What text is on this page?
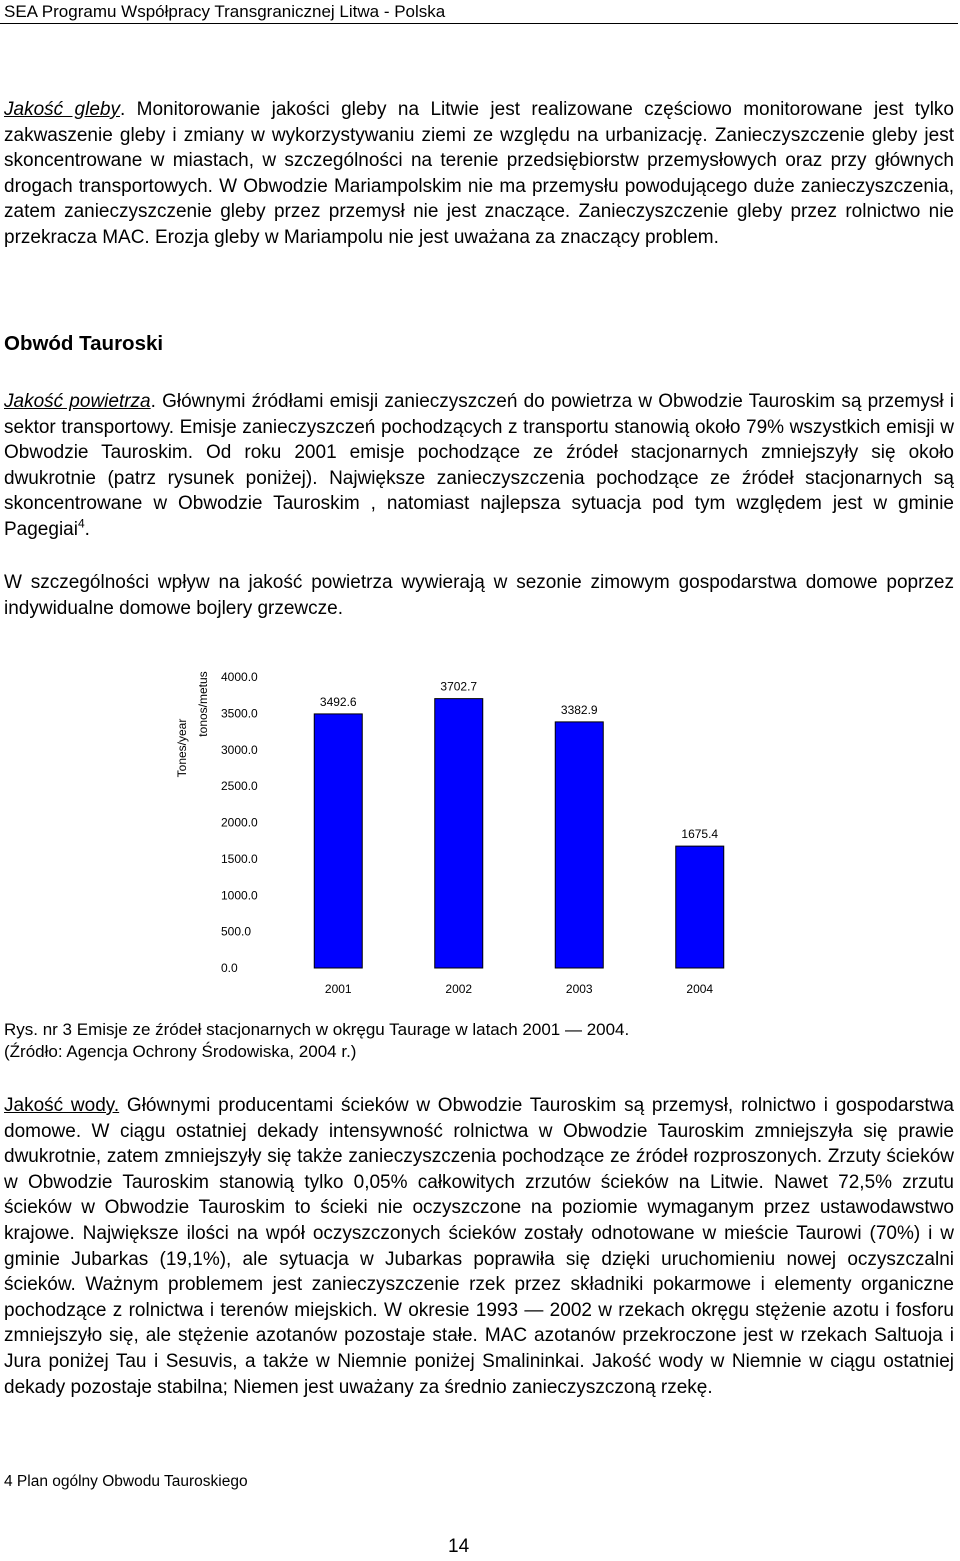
SEA Programu Współpracy Transgranicznej Litwa - Polska

Jakość gleby. Monitorowanie jakości gleby na Litwie jest realizowane częściowo monitorowane jest tylko zakwaszenie gleby i zmiany w wykorzystywaniu ziemi ze względu na urbanizację. Zanieczyszczenie gleby jest skoncentrowane w miastach, w szczególności na terenie przedsiębiorstw przemysłowych oraz przy głównych drogach transportowych. W Obwodzie Mariampolskim nie ma przemysłu powodującego duże zanieczyszczenia, zatem zanieczyszczenie gleby przez przemysł nie jest znaczące. Zanieczyszczenie gleby przez rolnictwo nie przekracza MAC. Erozja gleby w Mariampolu nie jest uważana za znaczący problem.

Obwód Tauroski

Jakość powietrza. Głównymi źródłami emisji zanieczyszczeń do powietrza w Obwodzie Tauroskim są przemysł i sektor transportowy. Emisje zanieczyszczeń pochodzących z transportu stanowią około 79% wszystkich emisji w Obwodzie Tauroskim. Od roku 2001 emisje pochodzące ze źródeł stacjonarnych zmniejszyły się około dwukrotnie (patrz rysunek poniżej). Największe zanieczyszczenia pochodzące ze źródeł stacjonarnych są skoncentrowane w Obwodzie Tauroskim , natomiast najlepsza sytuacja pod tym względem jest w gminie Pagegiai$^4$.

W szczególności wpływ na jakość powietrza wywierają w sezonie zimowym gospodarstwa domowe poprzez indywidualne domowe bojlery grzewcze.

0.0
500.0
1000.0
1500.0
2000.0
2500.0
3000.0
3500.0
4000.0
3492.6
2001
3702.7
2002
3382.9
2003
1675.4
2004
Tones/year
tonos/metus
Rys. nr 3 Emisje ze źródeł stacjonarnych w okręgu Taurage w latach 2001 — 2004.
(Źródło: Agencja Ochrony Środowiska, 2004 r.)

Jakość wody. Głównymi producentami ścieków w Obwodzie Tauroskim są przemysł, rolnictwo i gospodarstwa domowe. W ciągu ostatniej dekady intensywność rolnictwa w Obwodzie Tauroskim zmniejszyła się prawie dwukrotnie, zatem zmniejszyły się także zanieczyszczenia pochodzące ze źródeł rozproszonych. Zrzuty ścieków w Obwodzie Tauroskim stanowią tylko 0,05% całkowitych zrzutów ścieków na Litwie. Nawet 72,5% zrzutu ścieków w Obwodzie Tauroskim to ścieki nie oczyszczone na poziomie wymaganym przez ustawodawstwo krajowe. Największe ilości na wpół oczyszczonych ścieków zostały odnotowane w mieście Taurowi (70%) i w gminie Jubarkas (19,1%), ale sytuacja w Jubarkas poprawiła się dzięki uruchomieniu nowej oczyszczalni ścieków. Ważnym problemem jest zanieczyszczenie rzek przez składniki pokarmowe i elementy organiczne pochodzące z rolnictwa i terenów miejskich. W okresie 1993 — 2002 w rzekach okręgu stężenie azotu i fosforu zmniejszyło się, ale stężenie azotanów pozostaje stałe. MAC azotanów przekroczone jest w rzekach Saltuoja i Jura poniżej Tau i Sesuvis, a także w Niemnie poniżej Smalininkai. Jakość wody w Niemnie w ciągu ostatniej dekady pozostaje stabilna; Niemen jest uważany za średnio zanieczyszczoną rzekę.

4 Plan ogólny Obwodu Tauroskiego
14
